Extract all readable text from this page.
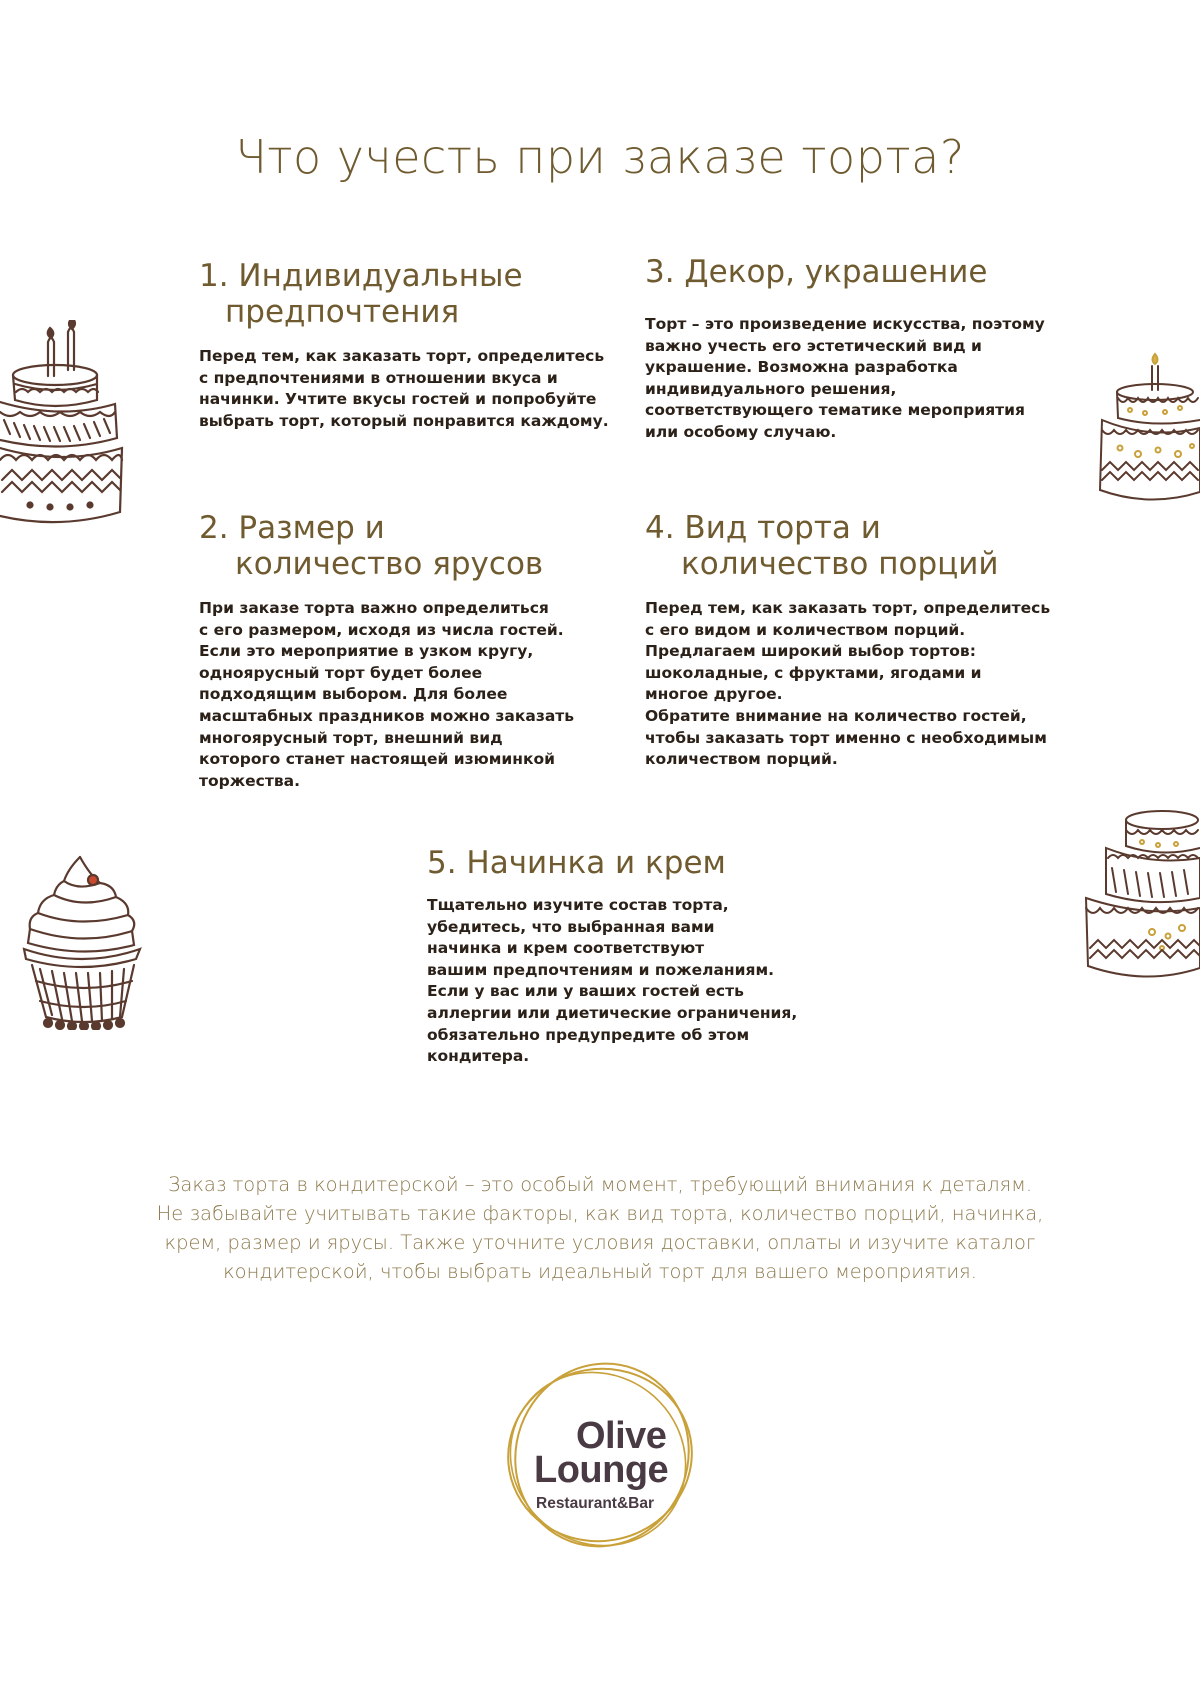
Что учесть при заказе торта?
1. Индивидуальные
предпочтения

Перед тем, как заказать торт, определитесь
с предпочтениями в отношении вкуса и
начинки. Учтите вкусы гостей и попробуйте
выбрать торт, который понравится каждому.

3. Декор, украшение

Торт – это произведение искусства, поэтому
важно учесть его эстетический вид и
украшение. Возможна разработка
индивидуального решения,
соответствующего тематике мероприятия
или особому случаю.

2. Размер и
количество ярусов

При заказе торта важно определиться
с его размером, исходя из числа гостей.
Если это мероприятие в узком кругу,
одноярусный торт будет более
подходящим выбором. Для более
масштабных праздников можно заказать
многоярусный торт, внешний вид
которого станет настоящей изюминкой
торжества.

4. Вид торта и
количество порций

Перед тем, как заказать торт, определитесь
с его видом и количеством порций.
Предлагаем широкий выбор тортов:
шоколадные, с фруктами, ягодами и
многое другое.
Обратите внимание на количество гостей,
чтобы заказать торт именно с необходимым
количеством порций.

5. Начинка и крем

Тщательно изучите состав торта,
убедитесь, что выбранная вами
начинка и крем соответствуют
вашим предпочтениям и пожеланиям.
Если у вас или у ваших гостей есть
аллергии или диетические ограничения,
обязательно предупредите об этом
кондитера.

Заказ торта в кондитерской – это особый момент, требующий внимания к деталям.
Не забывайте учитывать такие факторы, как вид торта, количество порций, начинка,
крем, размер и ярусы. Также уточните условия доставки, оплаты и изучите каталог
кондитерской, чтобы выбрать идеальный торт для вашего мероприятия.

Olive
Lounge
Restaurant&Bar
